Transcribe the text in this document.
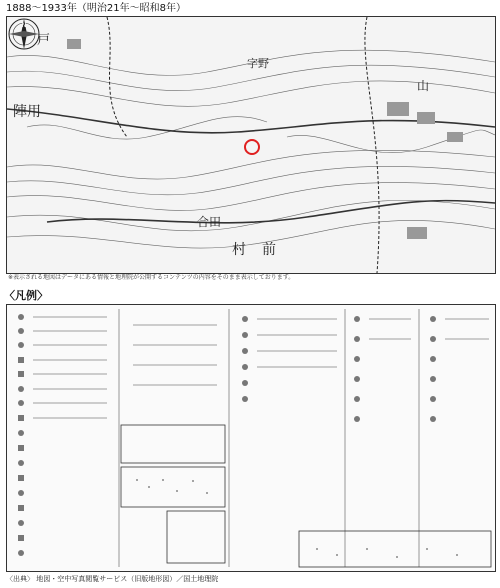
1888～1933年（明治21年～昭和8年）
戸
陣用
字野
山
合田
村 前
N
※表示される地図はデータにある情報と地理院が公開するコンテンツの内容をそのまま表示しております。
〈凡例〉
〈出典〉 地図・空中写真閲覧サービス（旧版地形図）／国土地理院
